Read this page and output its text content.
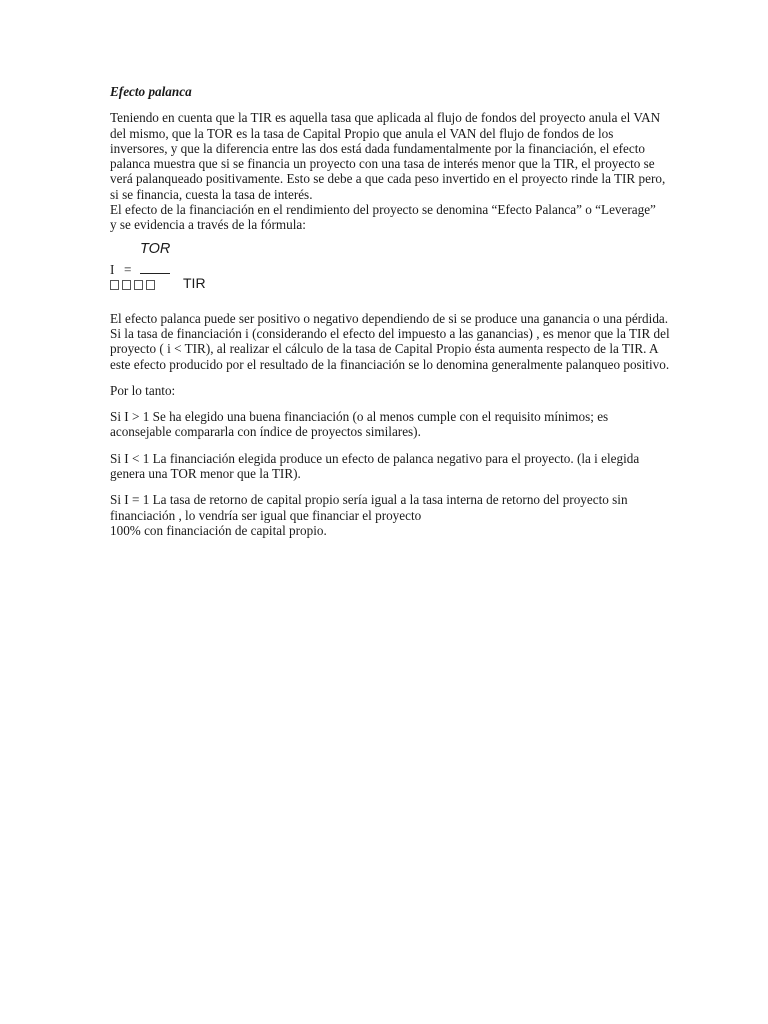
Efecto palanca

Teniendo en cuenta que la TIR es aquella tasa que aplicada al flujo de fondos del proyecto anula el VAN del mismo, que la TOR es la tasa de Capital Propio que anula el VAN del flujo de fondos de los inversores, y que la diferencia entre las dos está dada fundamentalmente por la financiación, el efecto palanca muestra que si se financia un proyecto con una tasa de interés menor que la TIR, el proyecto se verá palanqueado positivamente. Esto se debe a que cada peso invertido en el proyecto rinde la TIR pero,

si se financia, cuesta la tasa de interés.

El efecto de la financiación en el rendimiento del proyecto se denomina “Efecto Palanca” o “Leverage”

y se evidencia a través de la fórmula:

TOR
I =
TIR

El efecto palanca puede ser positivo o negativo dependiendo de si se produce una ganancia o una pérdida.

Si la tasa de financiación i (considerando el efecto del impuesto a las ganancias) , es menor que la TIR del proyecto ( i < TIR), al realizar el cálculo de la tasa de Capital Propio ésta aumenta respecto de la TIR. A este efecto producido por el resultado de la financiación se lo denomina generalmente palanqueo positivo.

Por lo tanto:

Si I > 1 Se ha elegido una buena financiación (o al menos cumple con el requisito mínimos; es aconsejable compararla con índice de proyectos similares).

Si I < 1 La financiación elegida produce un efecto de palanca negativo para el proyecto. (la i elegida genera una TOR menor que la TIR).

Si I = 1 La tasa de retorno de capital propio sería igual a la tasa interna de retorno del proyecto sin financiación , lo vendría ser igual que financiar el proyecto

100% con financiación de capital propio.
